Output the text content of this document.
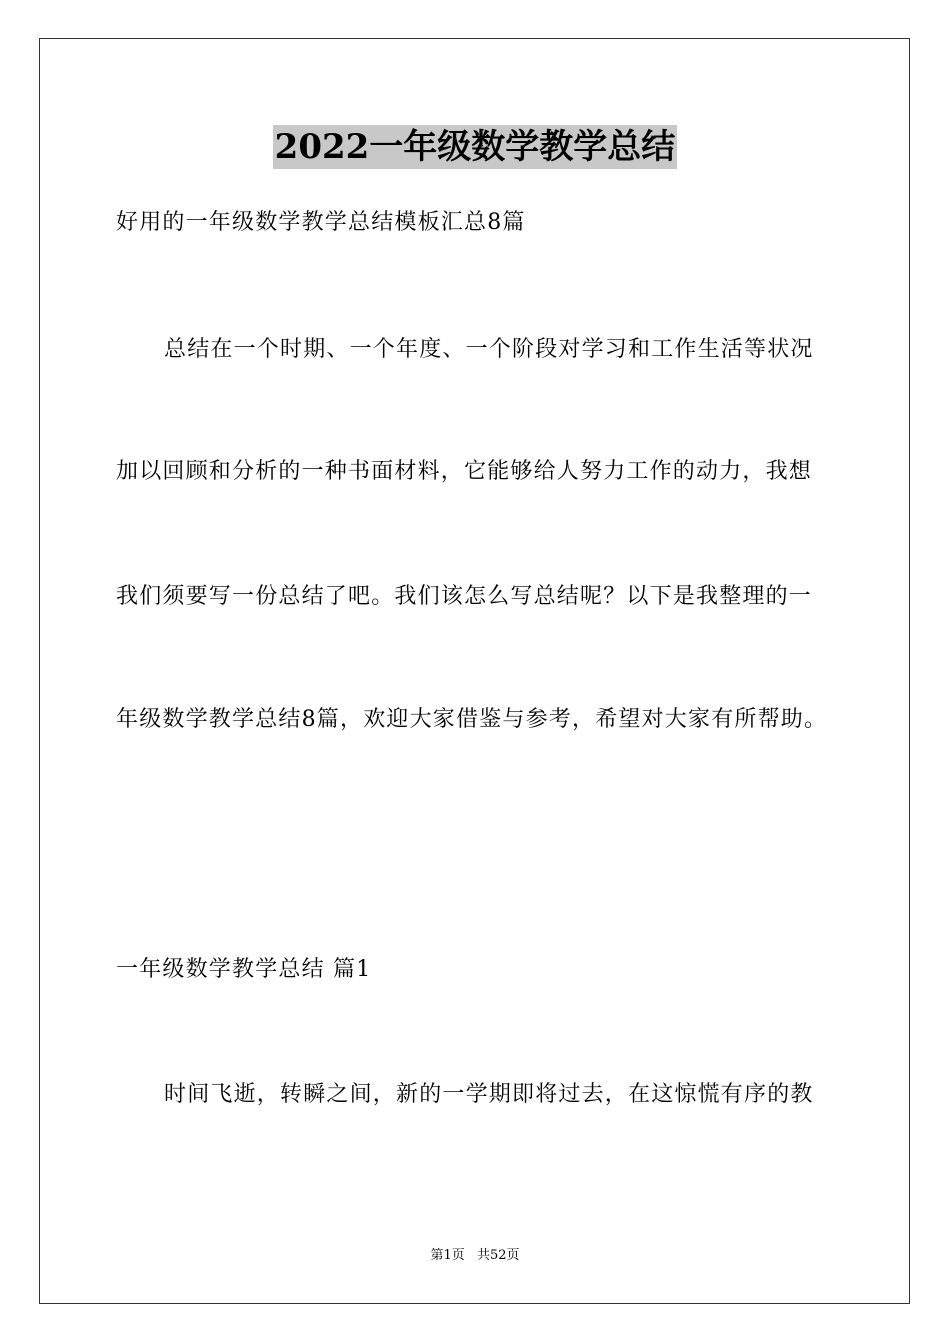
2022一年级数学教学总结
好用的一年级数学教学总结模板汇总8篇
总结在一个时期、一个年度、一个阶段对学习和工作生活等状况
加以回顾和分析的一种书面材料，它能够给人努力工作的动力，我想
我们须要写一份总结了吧。我们该怎么写总结呢？以下是我整理的一
年级数学教学总结8篇，欢迎大家借鉴与参考，希望对大家有所帮助。
一年级数学教学总结 篇1
时间飞逝，转瞬之间，新的一学期即将过去，在这惊慌有序的教
第1页 共52页
